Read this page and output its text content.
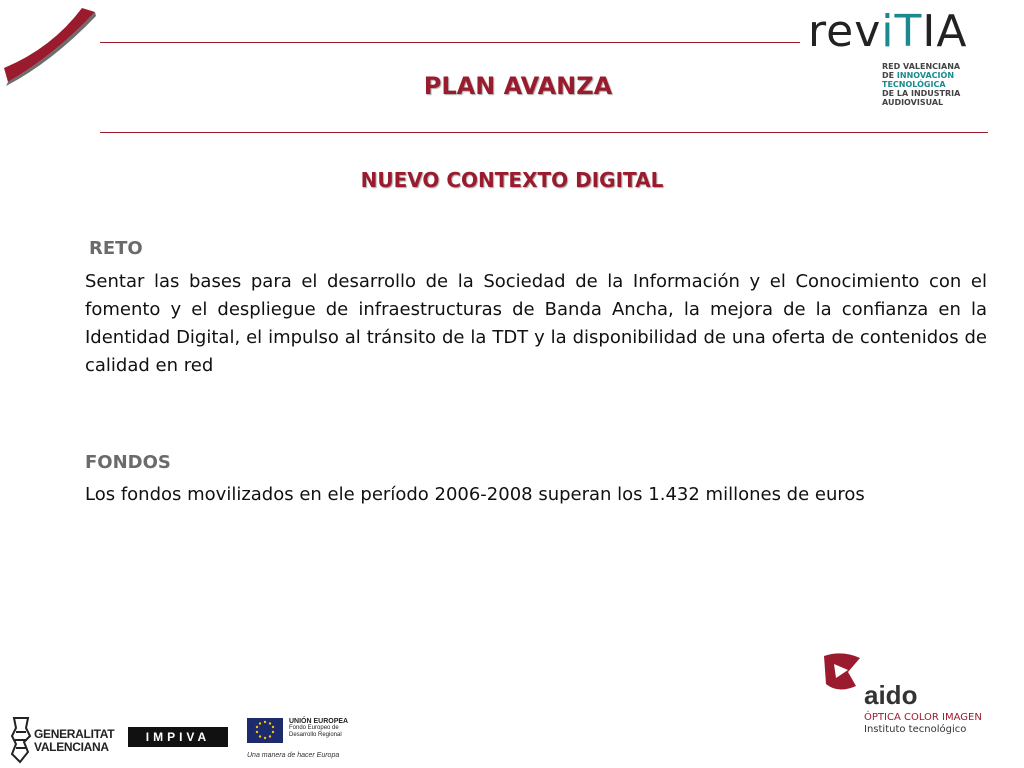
reviTIA
RED VALENCIANA
DE INNOVACIÓN TECNOLÓGICA
DE LA INDUSTRIA AUDIOVISUAL
PLAN AVANZA
NUEVO CONTEXTO DIGITAL
RETO
Sentar las bases para el desarrollo de la Sociedad de la Información y el Conocimiento con el fomento y el despliegue de infraestructuras de Banda Ancha, la mejora de la confianza en la Identidad Digital, el impulso al tránsito de la TDT y la disponibilidad de una oferta de contenidos de calidad en red
FONDOS
Los fondos movilizados en ele período 2006-2008 superan los 1.432 millones de euros
aido
ÓPTICA COLOR IMAGEN
Instituto tecnológico
GENERALITAT
VALENCIANA
IMPIVA
UNIÓN EUROPEA
Fondo Europeo de
Desarrollo Regional
Una manera de hacer Europa
